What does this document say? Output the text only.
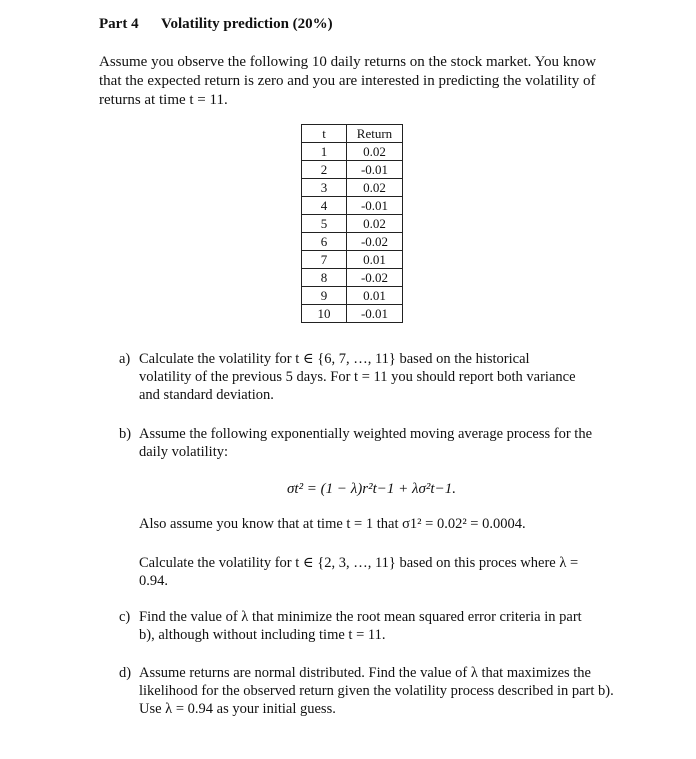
Part 4 Volatility prediction (20%)
Assume you observe the following 10 daily returns on the stock market. You know that the expected return is zero and you are interested in predicting the volatility of returns at time t = 11.
t	Return
1	0.02
2	-0.01
3	0.02
4	-0.01
5	0.02
6	-0.02
7	0.01
8	-0.02
9	0.01
10	-0.01
a) Calculate the volatility for t ∈ {6, 7, …, 11} based on the historical volatility of the previous 5 days. For t = 11 you should report both variance and standard deviation.
b) Assume the following exponentially weighted moving average process for the daily volatility:
σt² = (1 − λ)r²t−1 + λσ²t−1.
Also assume you know that at time t = 1 that σ1² = 0.02² = 0.0004.
Calculate the volatility for t ∈ {2, 3, …, 11} based on this proces where λ = 0.94.
c) Find the value of λ that minimize the root mean squared error criteria in part b), although without including time t = 11.
d) Assume returns are normal distributed. Find the value of λ that maximizes the likelihood for the observed return given the volatility process described in part b). Use λ = 0.94 as your initial guess.
